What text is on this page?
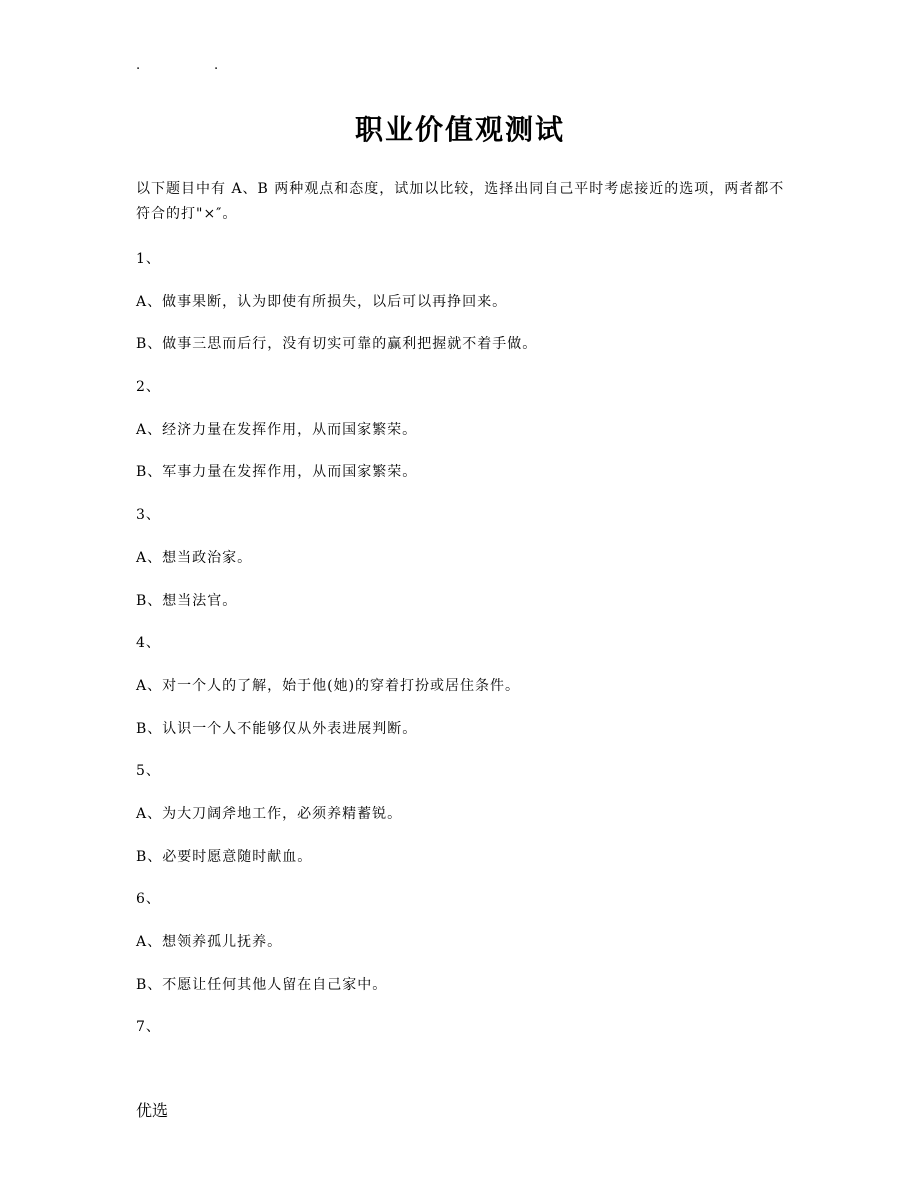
.	.
职业价值观测试
以下题目中有 A、B 两种观点和态度，试加以比较，选择出同自己平时考虑接近的选项，两者都不符合的打"×″。
1、
A、做事果断，认为即使有所损失，以后可以再挣回来。
B、做事三思而后行，没有切实可靠的赢利把握就不着手做。
2、
A、经济力量在发挥作用，从而国家繁荣。
B、军事力量在发挥作用，从而国家繁荣。
3、
A、想当政治家。
B、想当法官。
4、
A、对一个人的了解，始于他(她)的穿着打扮或居住条件。
B、认识一个人不能够仅从外表进展判断。
5、
A、为大刀阔斧地工作，必须养精蓄锐。
B、必要时愿意随时献血。
6、
A、想领养孤儿抚养。
B、不愿让任何其他人留在自己家中。
7、
优选
